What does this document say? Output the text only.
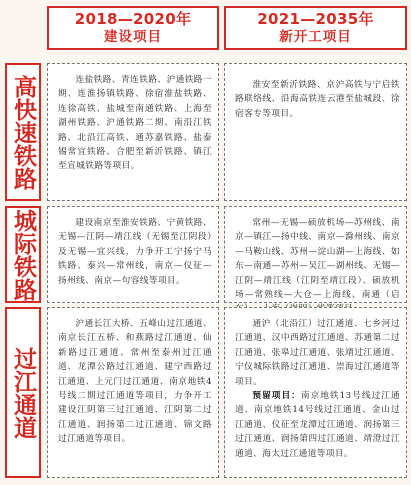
2018—2020年
建设项目
2021—2035年
新开工项目
高快速铁路	连盐铁路、青连铁路、沪通铁路一期、连淮扬镇铁路、徐宿淮盐铁路、连徐高铁、盐城至南通铁路、上海至湖州铁路、沪通铁路二期、南沿江铁路、北沿江高铁、通苏嘉铁路、盐泰锡常宜铁路、合肥至新沂铁路、镇江至宣城铁路等项目。
淮安至新沂铁路、京沪高铁与宁启铁路联络线、沿海高铁连云港至盐城段、徐宿客专等项目。
城际铁路	建设南京至淮安铁路、宁黄铁路、无锡—江阴—靖江线（无锡至江阴段）及无锡—宜兴线，力争开工宁扬宁马铁路、泰兴—常州线，南京—仪征—扬州线、南京—句容线等项目。
常州—无锡—硕放机场—苏州线、南京—镇江—扬中线、南京—滁州线、南京—马鞍山线、苏州—淀山湖—上海线、如东—南通—苏州—吴江—湖州线、无锡—江阴—靖江线（江阴至靖江段）、硕放机场—常熟线—大仓—上海线、南通（启
过江通道
沪通长江大桥、五峰山过江通道、南京长江五桥、和燕路过江通道、仙新路过江通道、常州至泰州过江通道、龙潭公路过江通道、建宁西路过江通道、上元门过江通道、南京地铁4号线二期过江通道等项目，力争开工建设江阴第三过江通道、江阴第二过江通道、润扬第二过江通道、锦文路过江通道等项目。
通沪（北沿江）过江通道、七乡河过江通道、汉中西路过江通道、苏通第二过江通道、张皋过江通道、张靖过江通道、宁仪城际铁路过江通道、崇海过江通道等项目。
预留项目：南京地铁13号线过江通道、南京地铁14号线过江通道、金山过江通道、仪征至龙潭过江通道、润扬第三过江通道、润扬第四过江通道、靖澄过江通道、海太过江通道等项目。
